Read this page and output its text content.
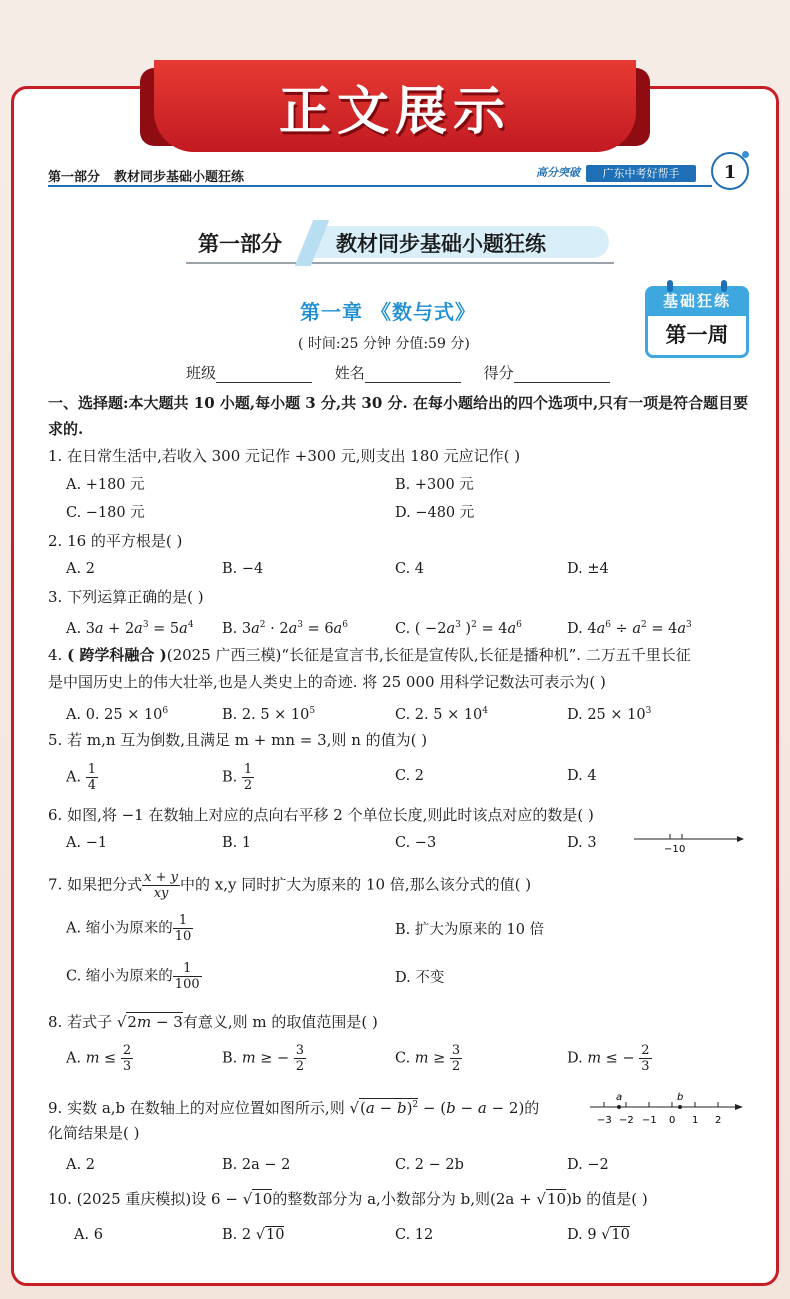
正文展示
第一部分 教材同步基础小题狂练	高分突破	广东中考好帮手	1
第一部分	教材同步基础小题狂练
第一章 《数与式》
( 时间:25 分钟 分值:59 分)
基础狂练
第一周
班级	姓名	得分
一、选择题:本大题共 10 小题,每小题 3 分,共 30 分. 在每小题给出的四个选项中,只有一项是符合题目要求的.
1. 在日常生活中,若收入 300 元记作 +300 元,则支出 180 元应记作( )
A. +180 元	B. +300 元
C. −180 元	D. −480 元
2. 16 的平方根是( )
A. 2	B. −4	C. 4	D. ±4
3. 下列运算正确的是( )
A. $3a + 2a^3 = 5a^4$ B. $3a^2 \cdot 2a^3 = 6a^6$	C. ( $-2a^3$ )$^2 = 4a^6$	D. $4a^6 \div a^2 = 4a^3$
4. ( 跨学科融合 )(2025 广西三模)“长征是宣言书,长征是宣传队,长征是播种机”. 二万五千里长征
是中国历史上的伟大壮举,也是人类史上的奇迹. 将 25 000 用科学记数法可表示为( )
A. 0. $25 \times 10^6$	B. 2. $5 \times 10^5$	C. 2. $5 \times 10^4$	D. $25 \times 10^3$
5. 若 m,n 互为倒数,且满足 m + mn = 3,则 n 的值为( )
A. $\frac{1}{4}$	B. $\frac{1}{2}$	C. 2	D. 4
6. 如图,将 −1 在数轴上对应的点向右平移 2 个单位长度,则此时该点对应的数是( )
A. −1	B. 1	C. −3	D. 3	−1 0
7. 如果把分式 $\frac{x + y}{xy}$ 中的 x,y 同时扩大为原来的 10 倍,那么该分式的值( )
A. 缩小为原来的 $\frac{1}{10}$	B. 扩大为原来的 10 倍
C. 缩小为原来的 $\frac{1}{100}$	D. 不变
8. 若式子 √2m − 3有意义,则 m 的取值范围是( )
A. $m \le \frac{2}{3}$	B. m ≥ − $\frac{3}{2}$	C. $m \ge \frac{3}{2}$	D. m ≤ − $\frac{2}{3}$
9. 实数 a,b 在数轴上的对应位置如图所示,则 $√(a - b)^2 - (b - a - 2)$的
化简结果是( )
a	b
−3 −2 −1 0 1 2
A. 2	B. 2a − 2	C. 2 − 2b	D. −2
10. (2025 重庆模拟)设 6 − √10的整数部分为 a,小数部分为 b,则(2a + √10)b 的值是( )
A. 6	B. 2 √10	C. 12	D. 9 √10
